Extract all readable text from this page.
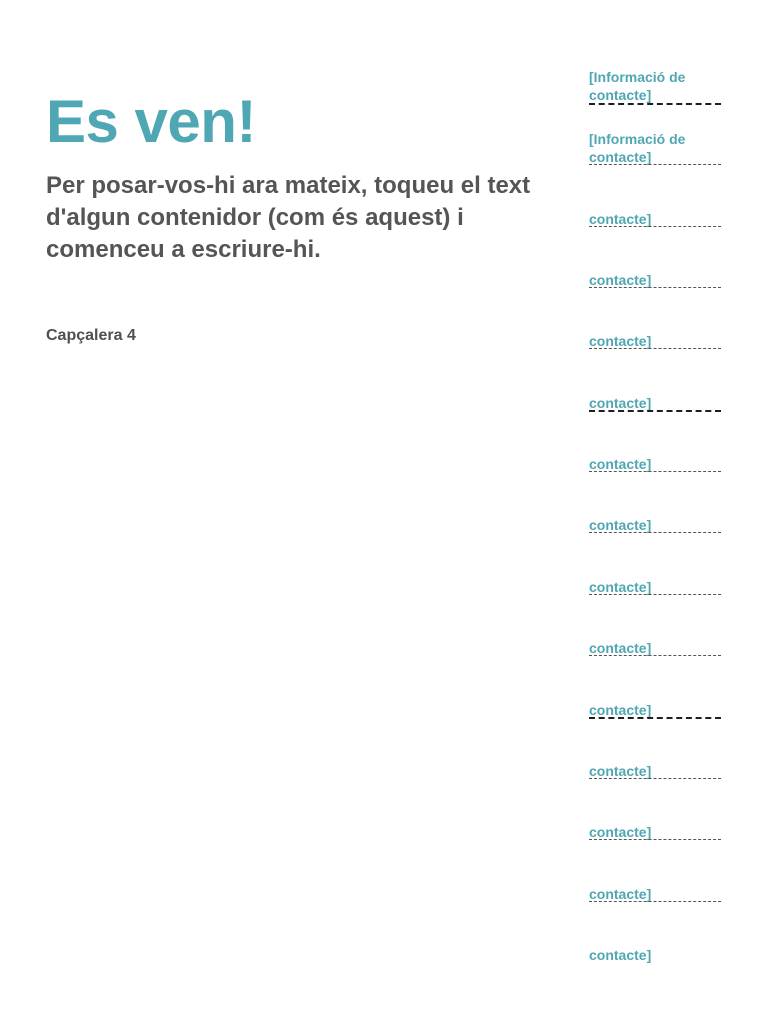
Es ven!

Per posar-vos-hi ara mateix, toqueu el text d'algun contenidor (com és aquest) i comenceu a escriure-hi.

Capçalera 4
[Informació de contacte]
[Informació de contacte]
contacte]
contacte]
contacte]
contacte]
contacte]
contacte]
contacte]
contacte]
contacte]
contacte]
contacte]
contacte]
contacte]
